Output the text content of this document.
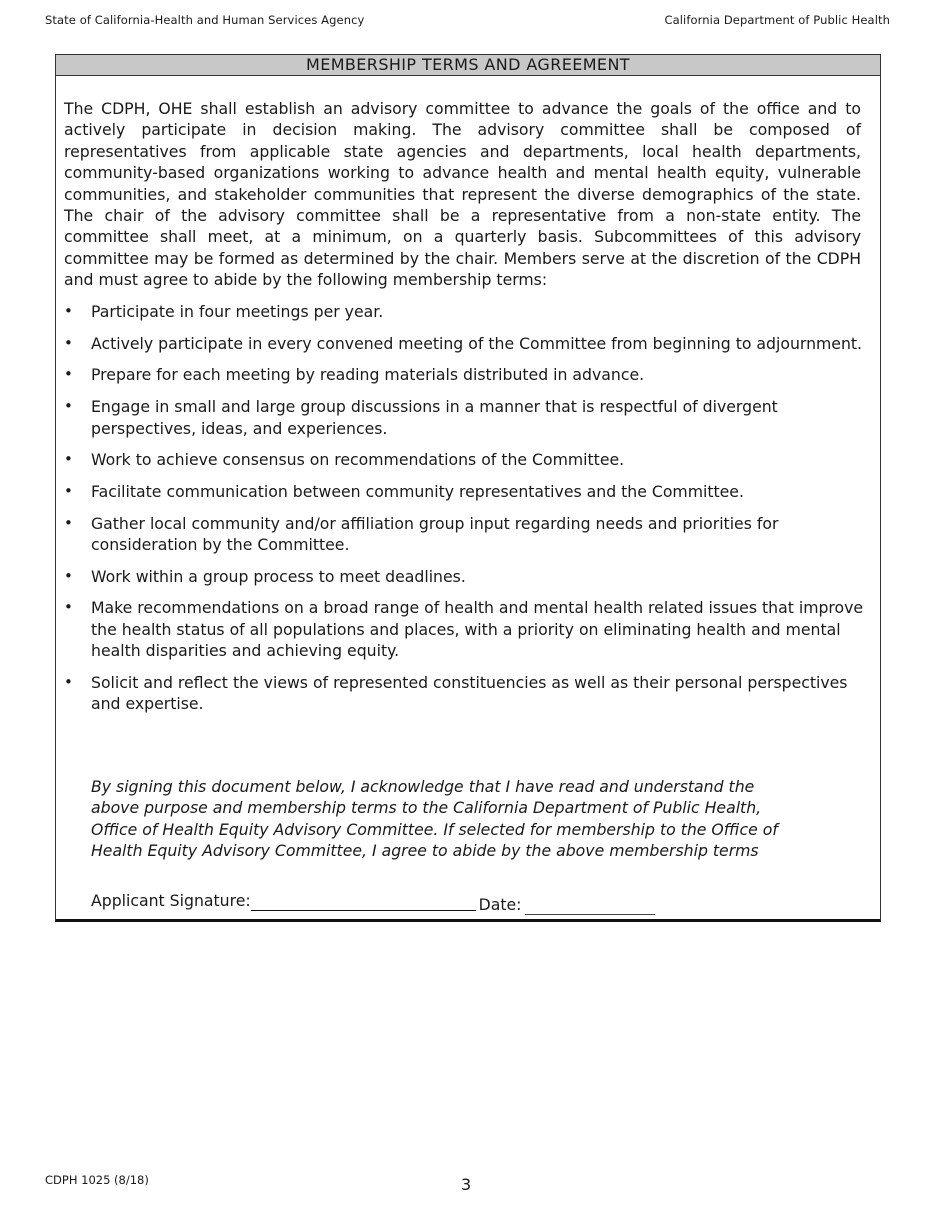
State of California-Health and Human Services Agency	California Department of Public Health
MEMBERSHIP TERMS AND AGREEMENT

The CDPH, OHE shall establish an advisory committee to advance the goals of the office and to actively participate in decision making. The advisory committee shall be composed of representatives from applicable state agencies and departments, local health departments, community-based organizations working to advance health and mental health equity, vulnerable communities, and stakeholder communities that represent the diverse demographics of the state. The chair of the advisory committee shall be a representative from a non-state entity. The committee shall meet, at a minimum, on a quarterly basis. Subcommittees of this advisory committee may be formed as determined by the chair. Members serve at the discretion of the CDPH and must agree to abide by the following membership terms:

• Participate in four meetings per year.
• Actively participate in every convened meeting of the Committee from beginning to adjournment.
• Prepare for each meeting by reading materials distributed in advance.
• Engage in small and large group discussions in a manner that is respectful of divergent perspectives, ideas, and experiences.
• Work to achieve consensus on recommendations of the Committee.
• Facilitate communication between community representatives and the Committee.
• Gather local community and/or affiliation group input regarding needs and priorities for consideration by the Committee.
• Work within a group process to meet deadlines.
• Make recommendations on a broad range of health and mental health related issues that improve the health status of all populations and places, with a priority on eliminating health and mental health disparities and achieving equity.
• Solicit and reflect the views of represented constituencies as well as their personal perspectives and expertise.

By signing this document below, I acknowledge that I have read and understand the above purpose and membership terms to the California Department of Public Health, Office of Health Equity Advisory Committee. If selected for membership to the Office of Health Equity Advisory Committee, I agree to abide by the above membership terms

Applicant Signature:	Date:
CDPH 1025 (8/18)	3
